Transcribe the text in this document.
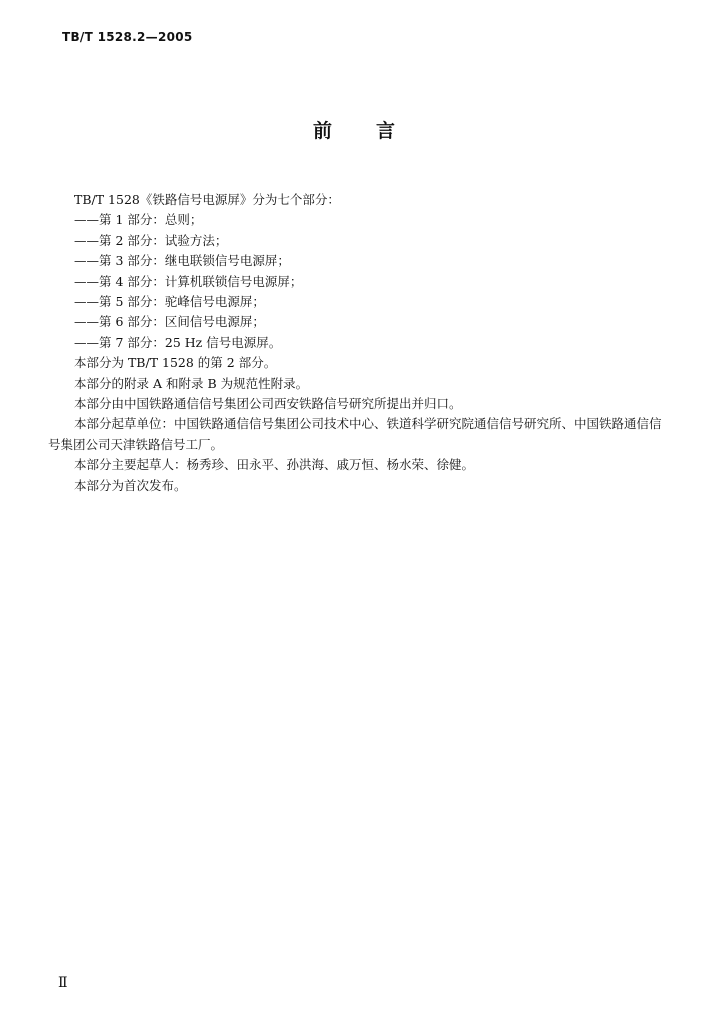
TB/T 1528.2—2005
前言

TB/T 1528《铁路信号电源屏》分为七个部分：

——第 1 部分：总则；

——第 2 部分：试验方法；

——第 3 部分：继电联锁信号电源屏；

——第 4 部分：计算机联锁信号电源屏；

——第 5 部分：驼峰信号电源屏；

——第 6 部分：区间信号电源屏；

——第 7 部分：25 Hz 信号电源屏。

本部分为 TB/T 1528 的第 2 部分。

本部分的附录 A 和附录 B 为规范性附录。

本部分由中国铁路通信信号集团公司西安铁路信号研究所提出并归口。

本部分起草单位：中国铁路通信信号集团公司技术中心、铁道科学研究院通信信号研究所、中国铁路通信信号集团公司天津铁路信号工厂。

本部分主要起草人：杨秀珍、田永平、孙洪海、戚万恒、杨水荣、徐健。

本部分为首次发布。

Ⅱ
